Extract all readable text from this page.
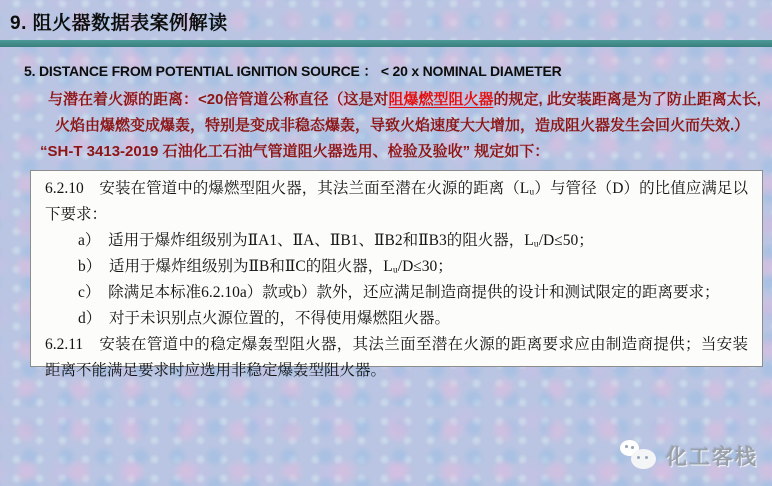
9. 阻火器数据表案例解读
5. DISTANCE FROM POTENTIAL IGNITION SOURCE ： < 20 x NOMINAL DIAMETER
与潜在着火源的距离：<20倍管道公称直径（这是对阻爆燃型阻火器的规定, 此安装距离是为了防止距离太长,
火焰由爆燃变成爆轰，特别是变成非稳态爆轰，导致火焰速度大大增加，造成阻火器发生会回火而失效.）
“SH-T 3413-2019 石油化工石油气管道阻火器选用、检验及验收” 规定如下：
6.2.10　安装在管道中的爆燃型阻火器，其法兰面至潜在火源的距离（Lᵤ）与管径（D）的比值应满足以下要求：
a）　适用于爆炸组级别为ⅡA1、ⅡA、ⅡB1、ⅡB2和ⅡB3的阻火器，Lᵤ/D≤50；
b）　适用于爆炸组级别为ⅡB和ⅡC的阻火器，Lᵤ/D≤30；
c）　除满足本标准6.2.10a）款或b）款外，还应满足制造商提供的设计和测试限定的距离要求；
d）　对于未识别点火源位置的，不得使用爆燃阻火器。
6.2.11　安装在管道中的稳定爆轰型阻火器，其法兰面至潜在火源的距离要求应由制造商提供；当安装距离不能满足要求时应选用非稳定爆轰型阻火器。
化工客栈
